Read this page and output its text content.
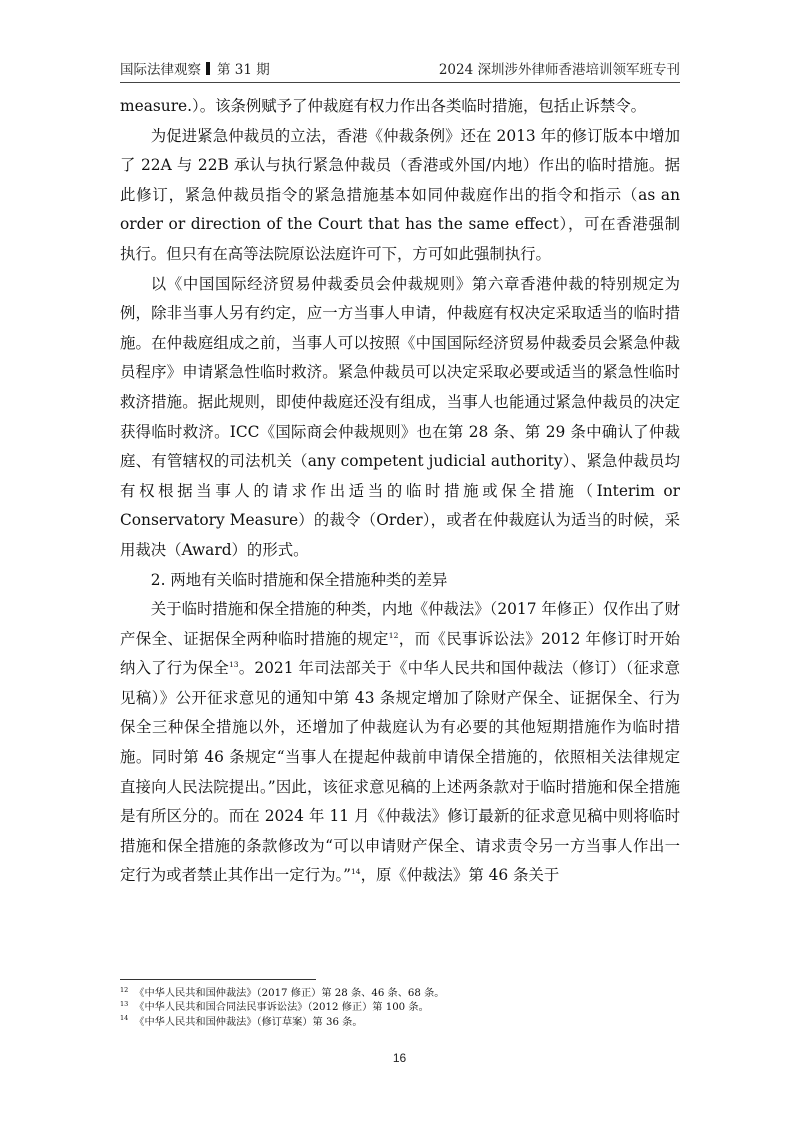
国际法律观察 第 31 期	2024 深圳涉外律师香港培训领军班专刊

measure.）。该条例赋予了仲裁庭有权力作出各类临时措施，包括止诉禁令。

为促进紧急仲裁员的立法，香港《仲裁条例》还在 2013 年的修订版本中增加了 22A 与 22B 承认与执行紧急仲裁员（香港或外国/内地）作出的临时措施。据此修订，紧急仲裁员指令的紧急措施基本如同仲裁庭作出的指令和指示（as an order or direction of the Court that has the same effect），可在香港强制执行。但只有在高等法院原讼法庭许可下，方可如此强制执行。

以《中国国际经济贸易仲裁委员会仲裁规则》第六章香港仲裁的特别规定为例，除非当事人另有约定，应一方当事人申请，仲裁庭有权决定采取适当的临时措施。在仲裁庭组成之前，当事人可以按照《中国国际经济贸易仲裁委员会紧急仲裁员程序》申请紧急性临时救济。紧急仲裁员可以决定采取必要或适当的紧急性临时救济措施。据此规则，即使仲裁庭还没有组成，当事人也能通过紧急仲裁员的决定获得临时救济。ICC《国际商会仲裁规则》也在第 28 条、第 29 条中确认了仲裁庭、有管辖权的司法机关（any competent judicial authority）、紧急仲裁员均有权根据当事人的请求作出适当的临时措施或保全措施（Interim or Conservatory Measure）的裁令（Order），或者在仲裁庭认为适当的时候，采用裁决（Award）的形式。

2. 两地有关临时措施和保全措施种类的差异

关于临时措施和保全措施的种类，内地《仲裁法》（2017 年修正）仅作出了财产保全、证据保全两种临时措施的规定$^{12}$，而《民事诉讼法》2012 年修订时开始纳入了行为保全$^{13}$。2021 年司法部关于《中华人民共和国仲裁法（修订）（征求意见稿）》公开征求意见的通知中第 43 条规定增加了除财产保全、证据保全、行为保全三种保全措施以外，还增加了仲裁庭认为有必要的其他短期措施作为临时措施。同时第 46 条规定“当事人在提起仲裁前申请保全措施的，依照相关法律规定直接向人民法院提出。”因此，该征求意见稿的上述两条款对于临时措施和保全措施是有所区分的。而在 2024 年 11 月《仲裁法》修订最新的征求意见稿中则将临时措施和保全措施的条款修改为“可以申请财产保全、请求责令另一方当事人作出一定行为或者禁止其作出一定行为。”$^{14}$，原《仲裁法》第 46 条关于

$^{12}$ 《中华人民共和国仲裁法》（2017 修正）第 28 条、46 条、68 条。
$^{13}$ 《中华人民共和国合同法民事诉讼法》（2012 修正）第 100 条。
$^{14}$ 《中华人民共和国仲裁法》（修订草案）第 36 条。
16
